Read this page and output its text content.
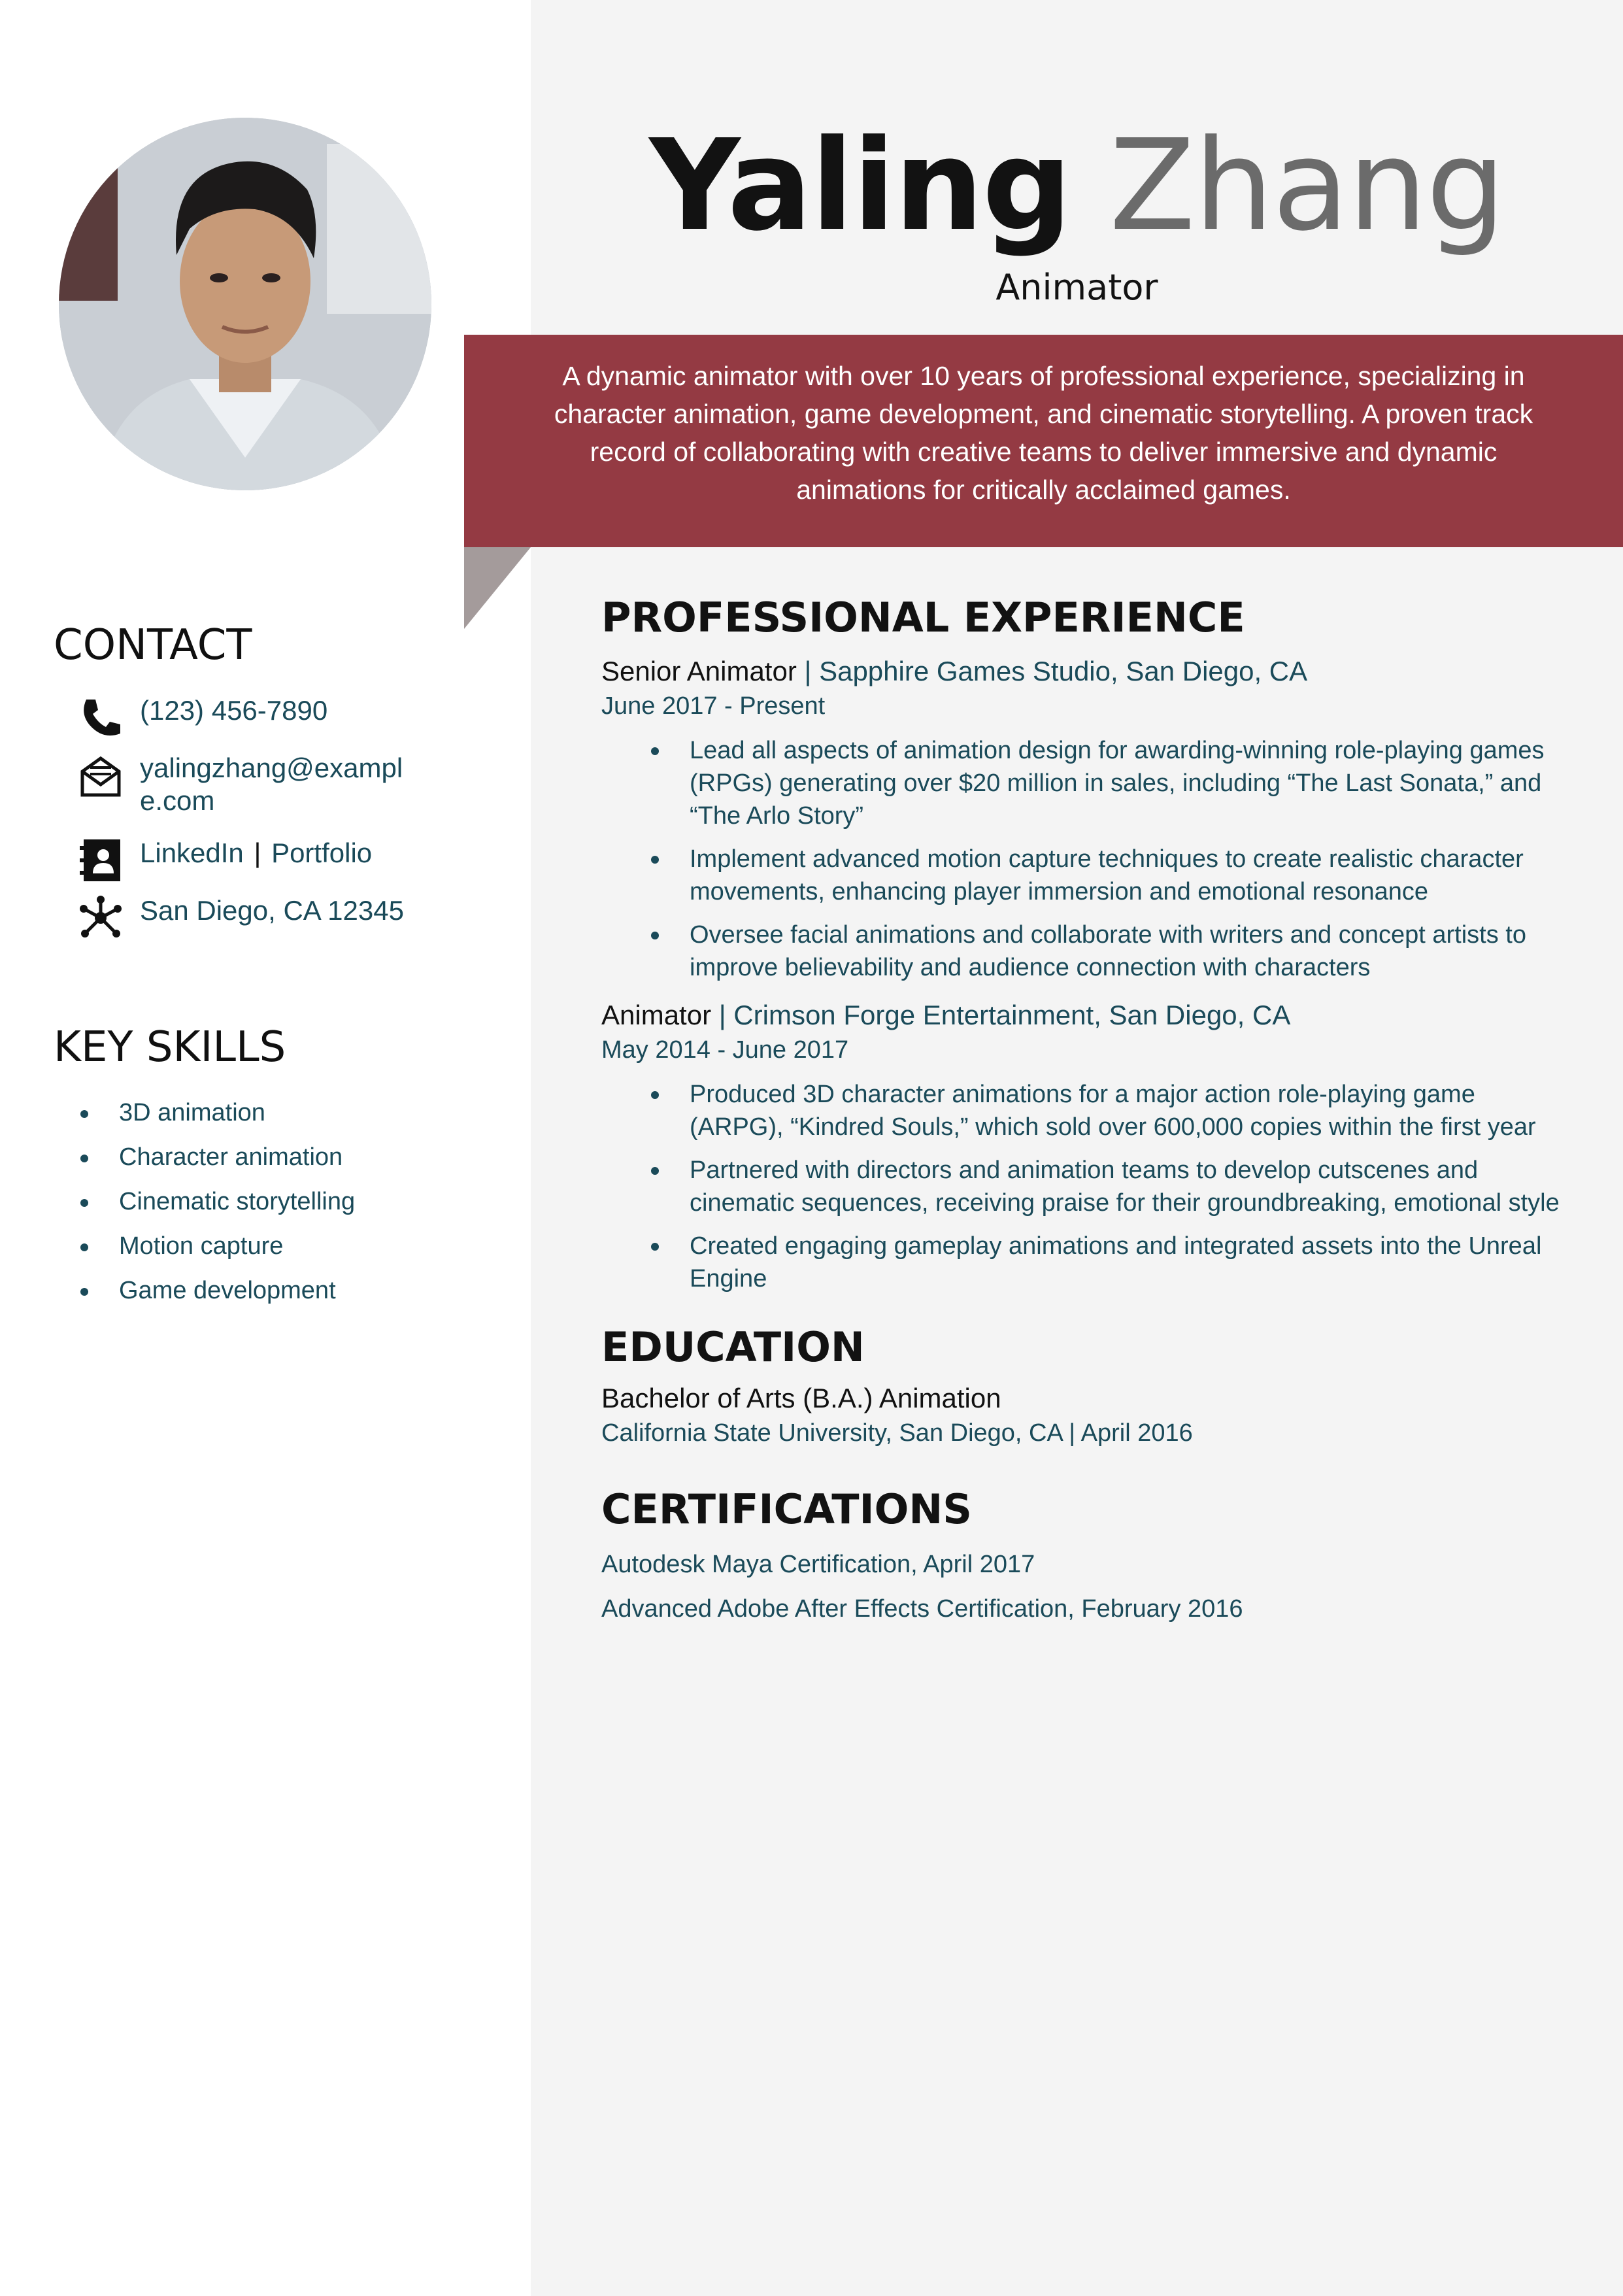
Yaling Zhang
Animator
A dynamic animator with over 10 years of professional experience, specializing in character animation, game development, and cinematic storytelling. A proven track record of collaborating with creative teams to deliver immersive and dynamic animations for critically acclaimed games.
CONTACT
(123) 456-7890
yalingzhang@exampl
e.com
LinkedIn | Portfolio
San Diego, CA 12345
KEY SKILLS
3D animation
Character animation
Cinematic storytelling
Motion capture
Game development
PROFESSIONAL EXPERIENCE
Senior Animator | Sapphire Games Studio, San Diego, CA
June 2017 - Present
Lead all aspects of animation design for awarding-winning role-playing games (RPGs) generating over $20 million in sales, including “The Last Sonata,” and “The Arlo Story”
Implement advanced motion capture techniques to create realistic character movements, enhancing player immersion and emotional resonance
Oversee facial animations and collaborate with writers and concept artists to improve believability and audience connection with characters
Animator | Crimson Forge Entertainment, San Diego, CA
May 2014 - June 2017
Produced 3D character animations for a major action role-playing game (ARPG), “Kindred Souls,” which sold over 600,000 copies within the first year
Partnered with directors and animation teams to develop cutscenes and cinematic sequences, receiving praise for their groundbreaking, emotional style
Created engaging gameplay animations and integrated assets into the Unreal Engine
EDUCATION
Bachelor of Arts (B.A.) Animation
California State University, San Diego, CA | April 2016
CERTIFICATIONS
Autodesk Maya Certification, April 2017
Advanced Adobe After Effects Certification, February 2016
